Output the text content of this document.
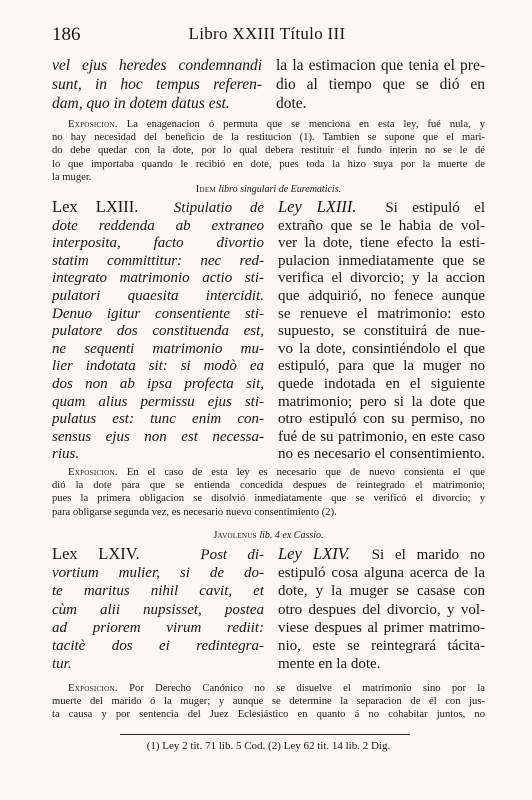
186	Libro XXIII Título III
vel ejus heredes condemnandi
sunt, in hoc tempus referen-
dam, quo in dotem datus est.
la la estimacion que tenia el pre-
dio al tiempo que se dió en
dote.
Exposicion. La enagenacion ó permuta que se menciona en esta ley, fué nula, y
no hay necesidad del beneficio de la restitucion (1). Tambien se supone que el mari-
do debe quedar con la dote, por lo qual debera restituir el fundo interin no se le dé
lo que importaba quando le recibió en dote, pues toda la hizo suya por la muerte de
la muger.
Idem libro singulari de Eurematicis.
Lex LXIII. Stipulatio de
dote reddenda ab extraneo
interposita, facto divortio
statim committitur: nec red-
integrato matrimonio actio sti-
pulatori quaesita intercidit.
Denuo igitur consentiente sti-
pulatore dos constituenda est,
ne sequenti matrimonio mu-
lier indotata sit: si modò ea
dos non ab ipsa profecta sit,
quam alius permissu ejus sti-
pulatus est: tunc enim con-
sensus ejus non est necessa-
rius.
Ley LXIII. Si estipuló el
extraño que se le habia de vol-
ver la dote, tiene efecto la esti-
pulacion inmediatamente que se
verifica el divorcio; y la accion
que adquirió, no fenece aunque
se renueve el matrimonio: esto
supuesto, se constituirá de nue-
vo la dote, consintiéndolo el que
estipuló, para que la muger no
quede indotada en el siguiente
matrimonio; pero si la dote que
otro estipuló con su permiso, no
fué de su patrimonio, en este caso
no es necesario el consentimiento.
Exposicion. En el caso de esta ley es necesario que de nuevo consienta el que
dió la dote para que se entienda concedida despues de reintegrado el matrimonio;
pues la primera obligacion se disolvió inmediatamente que se verificó el divorcio; y
para obligarse segunda vez, es necesario nuevo consentimiento (2).
Javolenus lib. 4 ex Cassio.
Lex LXIV.	Post di-
vortium mulier, si de do-
te maritus nihil cavit, et
cùm alii nupsisset, postea
ad priorem virum rediit:
tacitè dos ei redintegra-
tur.
Ley LXIV. Si el marido no
estipuló cosa alguna acerca de la
dote, y la muger se casase con
otro despues del divorcio, y vol-
viese despues al primer matrimo-
nio, este se reintegrará tácita-
mente en la dote.
Exposicion. Por Derecho Canónico no se disuelve el matrimonio sino por la
muerte del marido ó la muger; y aunque se determine la separacion de él con jus-
ta causa y por sentencia del Juez Eclesiástico en quanto á no cohabitar juntos, no
(1) Ley 2 tit. 71 lib. 5 Cod. (2) Ley 62 tit. 14 lib. 2 Dig.
